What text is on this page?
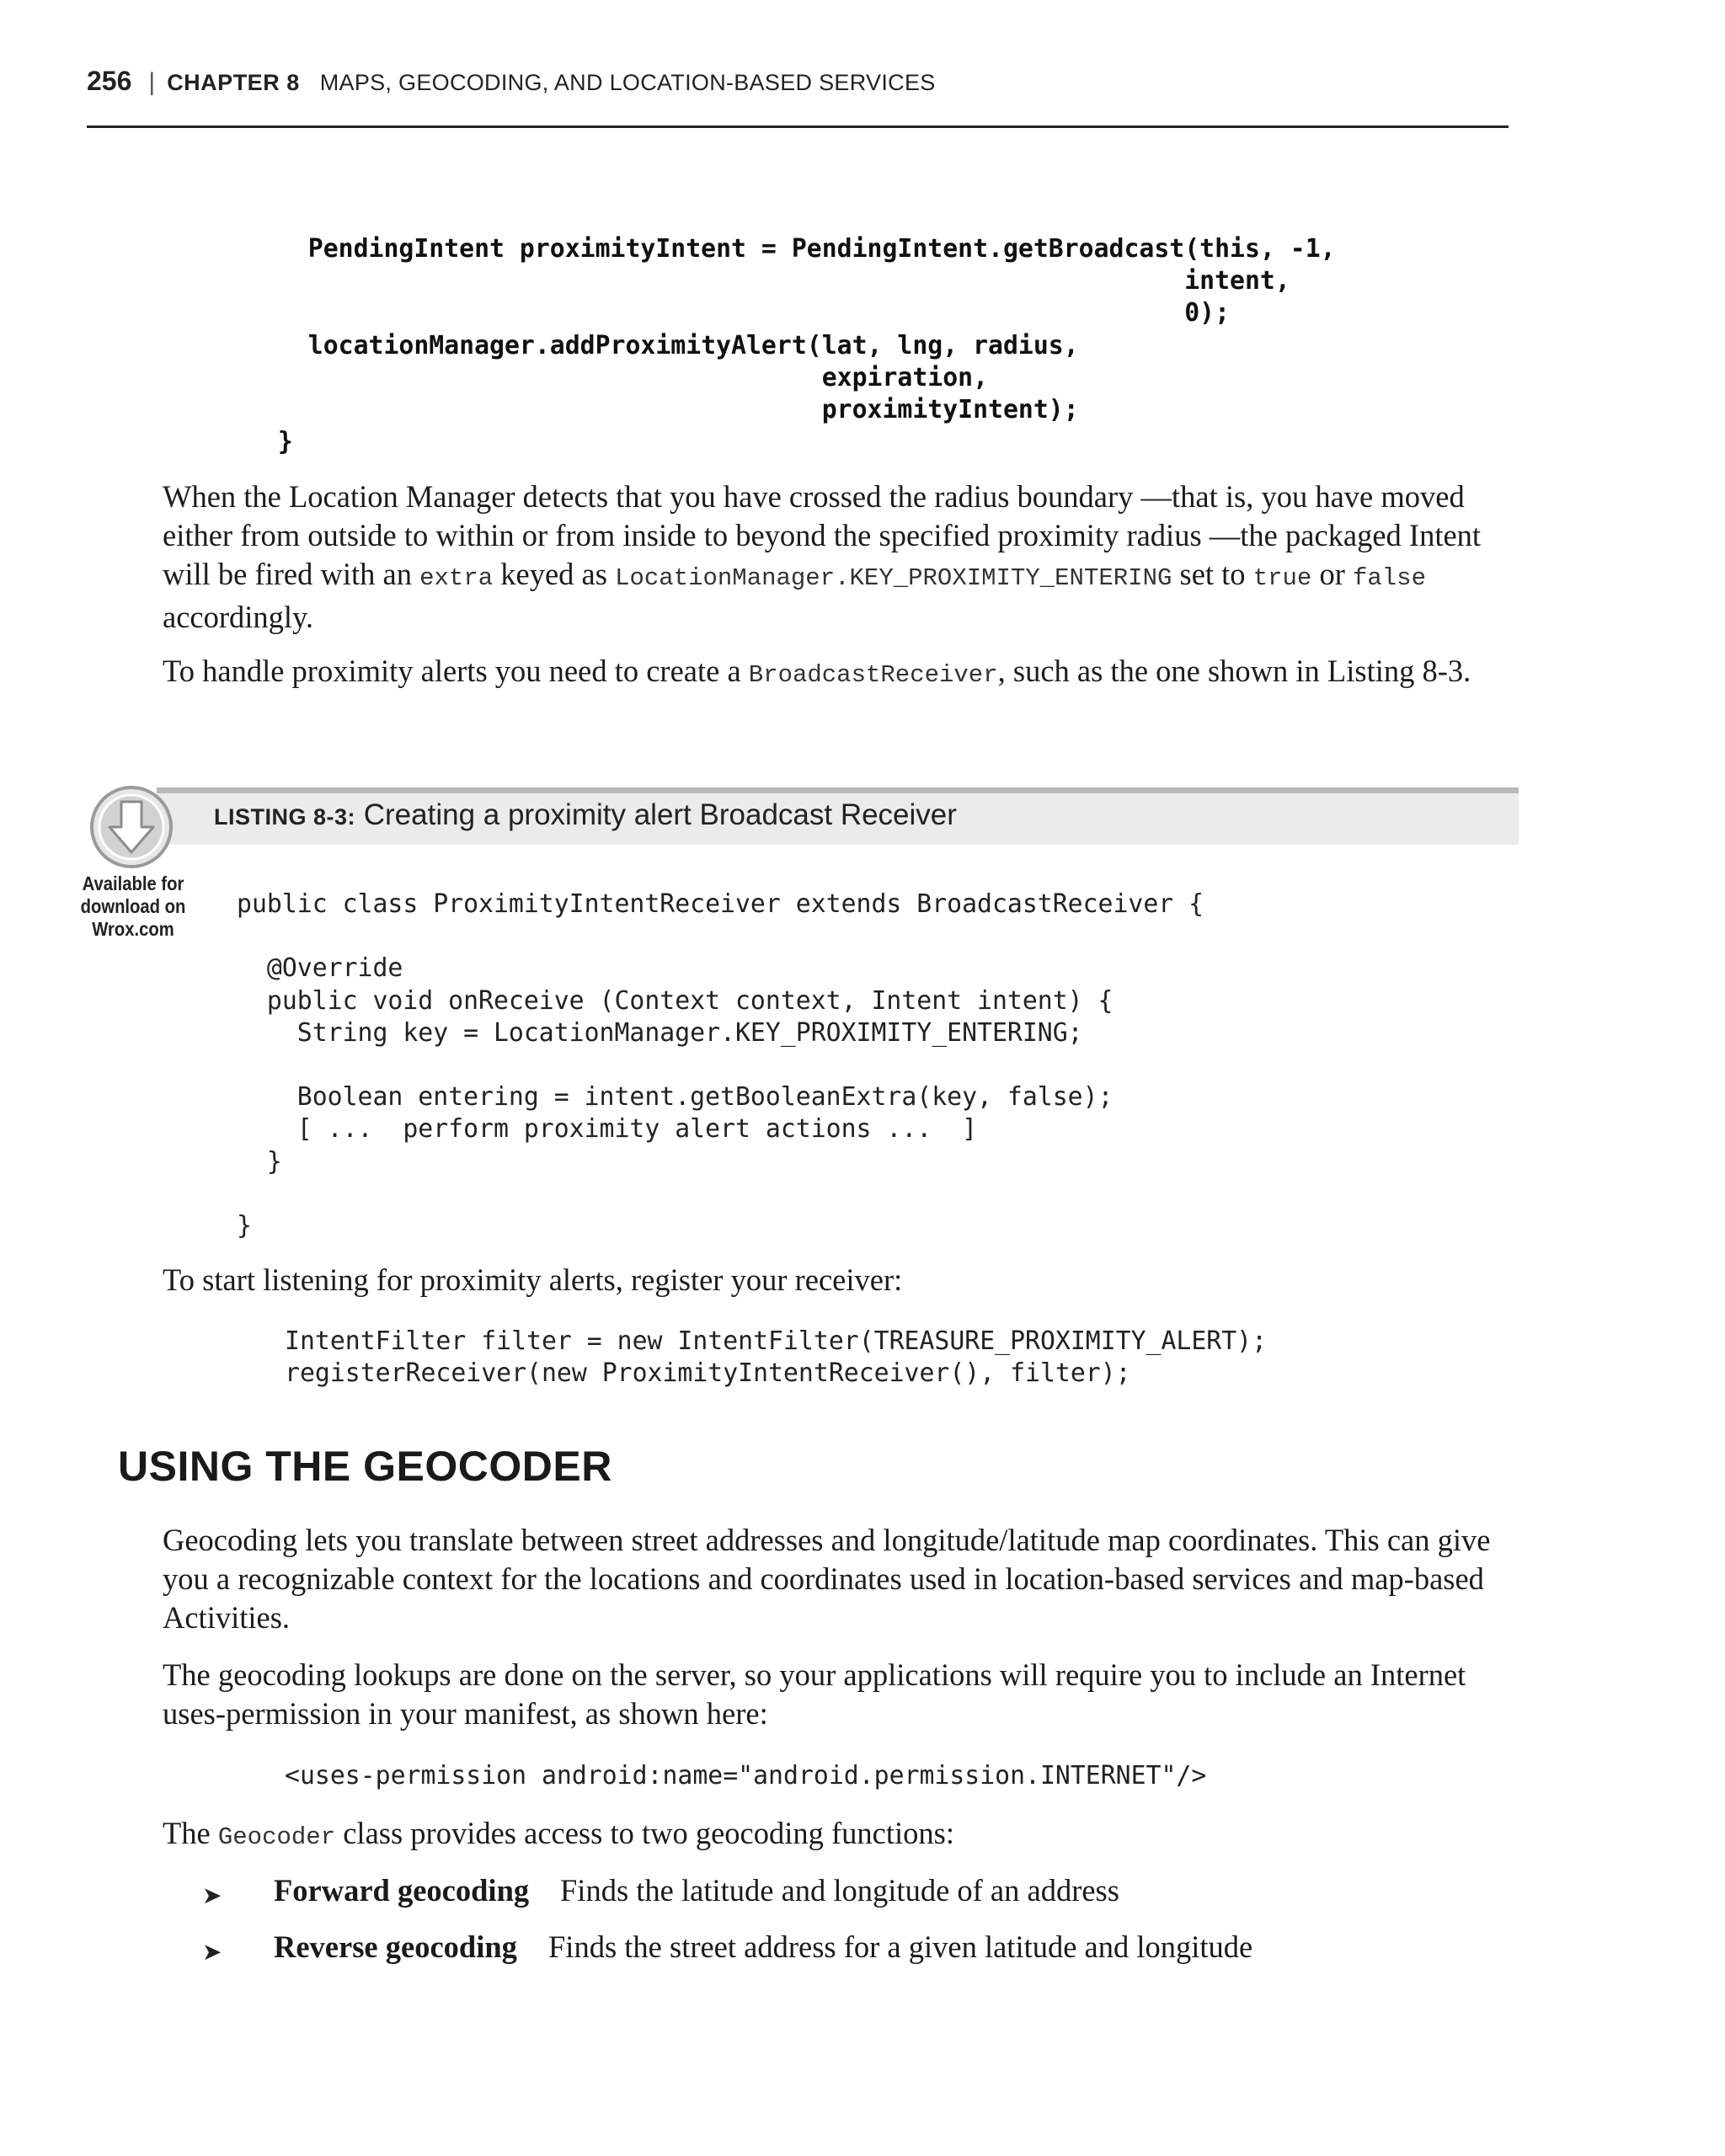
256 | CHAPTER 8 MAPS, GEOCODING, AND LOCATION-BASED SERVICES
PendingIntent proximityIntent = PendingIntent.getBroadcast(this, -1,
intent,
0);
locationManager.addProximityAlert(lat, lng, radius,
expiration,
proximityIntent);
}

When the Location Manager detects that you have crossed the radius boundary —that is, you have moved either from outside to within or from inside to beyond the specified proximity radius —the packaged Intent will be fired with an extra keyed as LocationManager.KEY_PROXIMITY_ENTERING set to true or false accordingly.

To handle proximity alerts you need to create a BroadcastReceiver, such as the one shown in Listing 8-3.

LISTING 8-3: Creating a proximity alert Broadcast Receiver
Available for
download on
Wrox.com
public class ProximityIntentReceiver extends BroadcastReceiver {

@Override
public void onReceive (Context context, Intent intent) {
String key = LocationManager.KEY_PROXIMITY_ENTERING;

Boolean entering = intent.getBooleanExtra(key, false);
[ ...  perform proximity alert actions ...  ]
}

}
To start listening for proximity alerts, register your receiver:
IntentFilter filter = new IntentFilter(TREASURE_PROXIMITY_ALERT);
registerReceiver(new ProximityIntentReceiver(), filter);
USING THE GEOCODER
Geocoding lets you translate between street addresses and longitude/latitude map coordinates. This can give you a recognizable context for the locations and coordinates used in location-based services and map-based Activities.
The geocoding lookups are done on the server, so your applications will require you to include an Internet uses-permission in your manifest, as shown here:
<uses-permission android:name="android.permission.INTERNET"/>

The Geocoder class provides access to two geocoding functions:

➤ Forward geocoding Finds the latitude and longitude of an address
➤ Reverse geocoding Finds the street address for a given latitude and longitude
